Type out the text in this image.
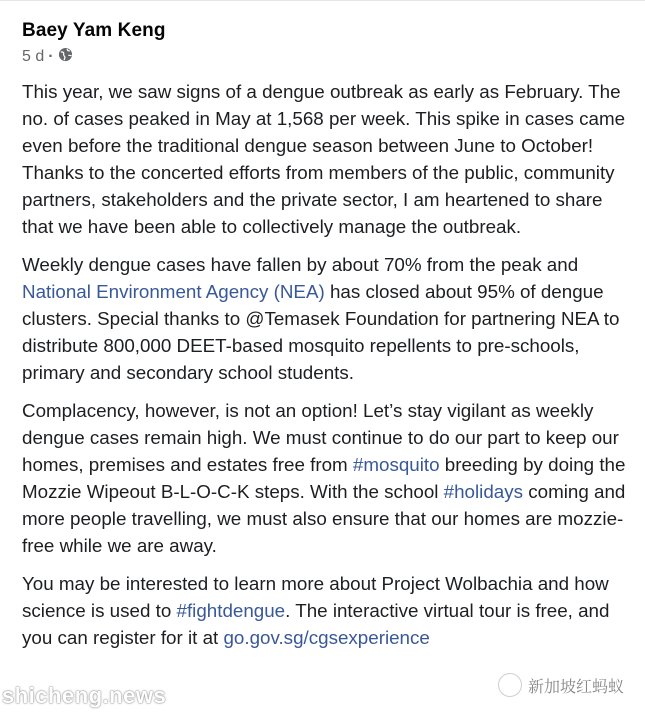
Baey Yam Keng
5 d ·

This year, we saw signs of a dengue outbreak as early as February. The no. of cases peaked in May at 1,568 per week. This spike in cases came even before the traditional dengue season between June to October! Thanks to the concerted efforts from members of the public, community partners, stakeholders and the private sector, I am heartened to share that we have been able to collectively manage the outbreak.

Weekly dengue cases have fallen by about 70% from the peak and National Environment Agency (NEA) has closed about 95% of dengue clusters. Special thanks to @Temasek Foundation for partnering NEA to distribute 800,000 DEET-based mosquito repellents to pre-schools, primary and secondary school students.

Complacency, however, is not an option! Let’s stay vigilant as weekly dengue cases remain high. We must continue to do our part to keep our homes, premises and estates free from #mosquito breeding by doing the Mozzie Wipeout B-L-O-C-K steps. With the school #holidays coming and more people travelling, we must also ensure that our homes are mozzie-free while we are away.

You may be interested to learn more about Project Wolbachia and how science is used to #fightdengue. The interactive virtual tour is free, and you can register for it at go.gov.sg/cgsexperience

shicheng.news	新加坡红蚂蚁
